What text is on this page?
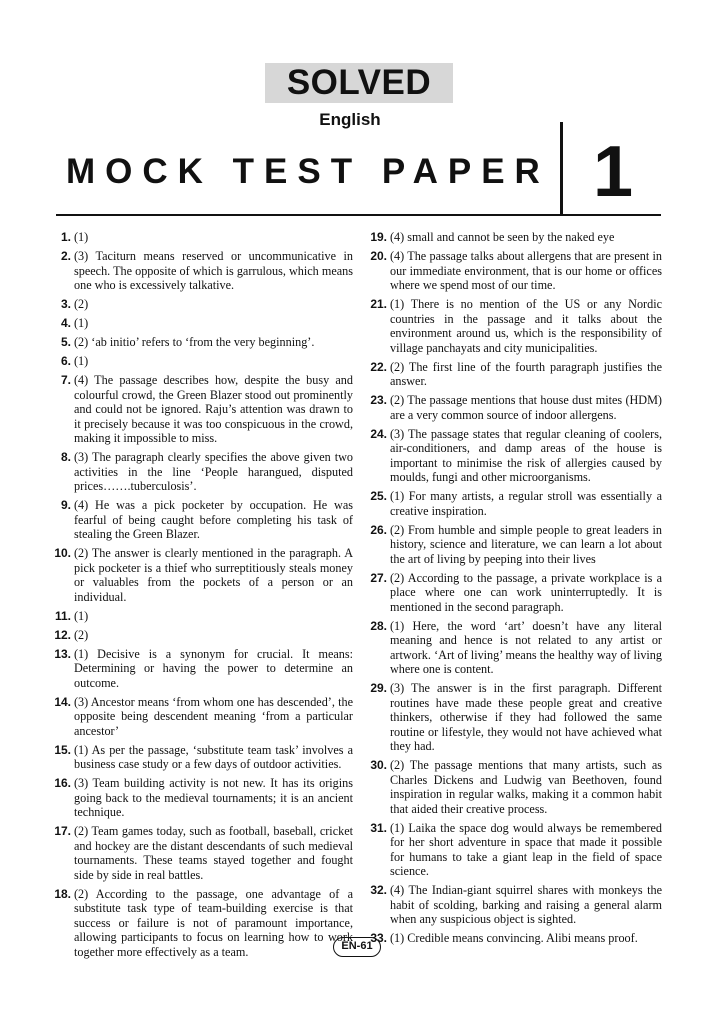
SOLVED
English
MOCK TEST PAPER 1
1. (1)
2. (3) Taciturn means reserved or uncommunicative in speech. The opposite of which is garrulous, which means one who is excessively talkative.
3. (2)
4. (1)
5. (2) ‘ab initio’ refers to ‘from the very beginning’.
6. (1)
7. (4) The passage describes how, despite the busy and colourful crowd, the Green Blazer stood out prominently and could not be ignored. Raju’s attention was drawn to it precisely because it was too conspicuous in the crowd, making it impossible to miss.
8. (3) The paragraph clearly specifies the above given two activities in the line ‘People harangued, disputed prices…….tuberculosis’.
9. (4) He was a pick pocketer by occupation. He was fearful of being caught before completing his task of stealing the Green Blazer.
10. (2) The answer is clearly mentioned in the paragraph. A pick pocketer is a thief who surreptitiously steals money or valuables from the pockets of a person or an individual.
11. (1)
12. (2)
13. (1) Decisive is a synonym for crucial. It means: Determining or having the power to determine an outcome.
14. (3) Ancestor means ‘from whom one has descended’, the opposite being descendent meaning ‘from a particular ancestor’
15. (1) As per the passage, ‘substitute team task’ involves a business case study or a few days of outdoor activities.
16. (3) Team building activity is not new. It has its origins going back to the medieval tournaments; it is an ancient technique.
17. (2) Team games today, such as football, baseball, cricket and hockey are the distant descendants of such medieval tournaments. These teams stayed together and fought side by side in real battles.
18. (2) According to the passage, one advantage of a substitute task type of team-building exercise is that success or failure is not of paramount importance, allowing participants to focus on learning how to work together more effectively as a team.
19. (4) small and cannot be seen by the naked eye
20. (4) The passage talks about allergens that are present in our immediate environment, that is our home or offices where we spend most of our time.
21. (1) There is no mention of the US or any Nordic countries in the passage and it talks about the environment around us, which is the responsibility of village panchayats and city municipalities.
22. (2) The first line of the fourth paragraph justifies the answer.
23. (2) The passage mentions that house dust mites (HDM) are a very common source of indoor allergens.
24. (3) The passage states that regular cleaning of coolers, air-conditioners, and damp areas of the house is important to minimise the risk of allergies caused by moulds, fungi and other microorganisms.
25. (1) For many artists, a regular stroll was essentially a creative inspiration.
26. (2) From humble and simple people to great leaders in history, science and literature, we can learn a lot about the art of living by peeping into their lives
27. (2) According to the passage, a private workplace is a place where one can work uninterruptedly. It is mentioned in the second paragraph.
28. (1) Here, the word ‘art’ doesn’t have any literal meaning and hence is not related to any artist or artwork. ‘Art of living’ means the healthy way of living where one is content.
29. (3) The answer is in the first paragraph. Different routines have made these people great and creative thinkers, otherwise if they had followed the same routine or lifestyle, they would not have achieved what they had.
30. (2) The passage mentions that many artists, such as Charles Dickens and Ludwig van Beethoven, found inspiration in regular walks, making it a common habit that aided their creative process.
31. (1) Laika the space dog would always be remembered for her short adventure in space that made it possible for humans to take a giant leap in the field of space science.
32. (4) The Indian-giant squirrel shares with monkeys the habit of scolding, barking and raising a general alarm when any suspicious object is sighted.
33. (1) Credible means convincing. Alibi means proof.
EN-61
